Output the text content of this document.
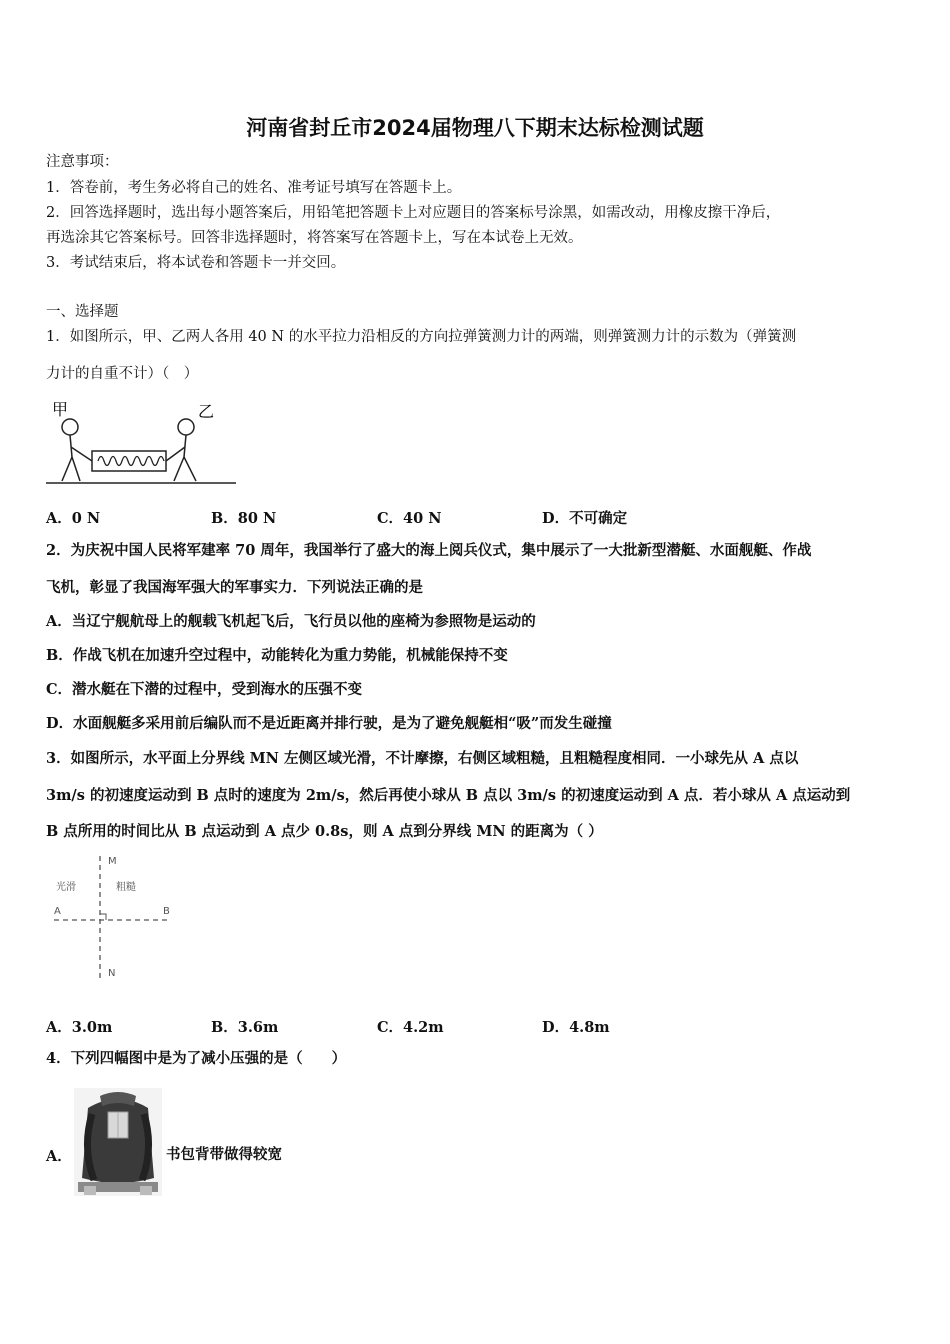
河南省封丘市2024届物理八下期末达标检测试题
注意事项：
1．答卷前，考生务必将自己的姓名、准考证号填写在答题卡上。
2．回答选择题时，选出每小题答案后，用铅笔把答题卡上对应题目的答案标号涂黑，如需改动，用橡皮擦干净后，
再选涂其它答案标号。回答非选择题时，将答案写在答题卡上，写在本试卷上无效。
3．考试结束后，将本试卷和答题卡一并交回。
一、选择题
1．如图所示，甲、乙两人各用 40 N 的水平拉力沿相反的方向拉弹簧测力计的两端，则弹簧测力计的示数为（弹簧测
力计的自重不计）（　）
甲	乙
A．0 N	B．80 N	C．40 N	D．不可确定
2．为庆祝中国人民将军建率 70 周年，我国举行了盛大的海上阅兵仪式，集中展示了一大批新型潜艇、水面舰艇、作战
飞机，彰显了我国海军强大的军事实力．下列说法正确的是
A．当辽宁舰航母上的舰载飞机起飞后，飞行员以他的座椅为参照物是运动的
B．作战飞机在加速升空过程中，动能转化为重力势能，机械能保持不变
C．潜水艇在下潜的过程中，受到海水的压强不变
D．水面舰艇多采用前后编队而不是近距离并排行驶，是为了避免舰艇相“吸”而发生碰撞
3．如图所示，水平面上分界线 MN 左侧区域光滑，不计摩擦，右侧区域粗糙，且粗糙程度相同．一小球先从 A 点以
3m/s 的初速度运动到 B 点时的速度为 2m/s，然后再使小球从 B 点以 3m/s 的初速度运动到 A 点．若小球从 A 点运动到
B 点所用的时间比从 B 点运动到 A 点少 0.8s，则 A 点到分界线 MN 的距离为（ ）
M
N
A	B
光滑	粗糙
A．3.0m	B．3.6m	C．4.2m	D．4.8m
4．下列四幅图中是为了减小压强的是（　　）
A．	书包背带做得较宽
